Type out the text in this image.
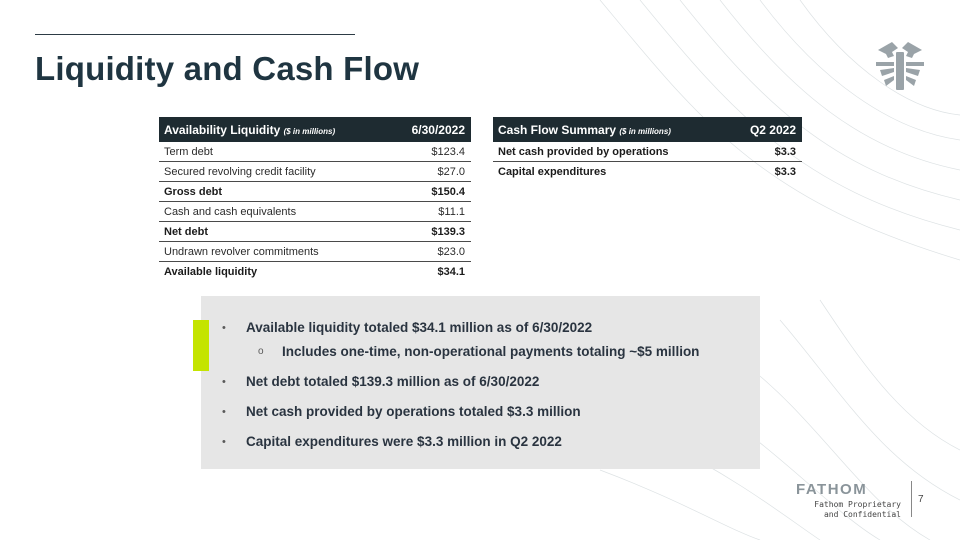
Liquidity and Cash Flow
Availability Liquidity ($ in millions)	6/30/2022
Term debt	$123.4
Secured revolving credit facility	$27.0
Gross debt	$150.4
Cash and cash equivalents	$11.1
Net debt	$139.3
Undrawn revolver commitments	$23.0
Available liquidity	$34.1
Cash Flow Summary ($ in millions)	Q2 2022
Net cash provided by operations	$3.3
Capital expenditures	$3.3
• Available liquidity totaled $34.1 million as of 6/30/2022
o Includes one-time, non-operational payments totaling ~$5 million
• Net debt totaled $139.3 million as of 6/30/2022
• Net cash provided by operations totaled $3.3 million
• Capital expenditures were $3.3 million in Q2 2022
FATHOM
Fathom Proprietary
and Confidential
7
